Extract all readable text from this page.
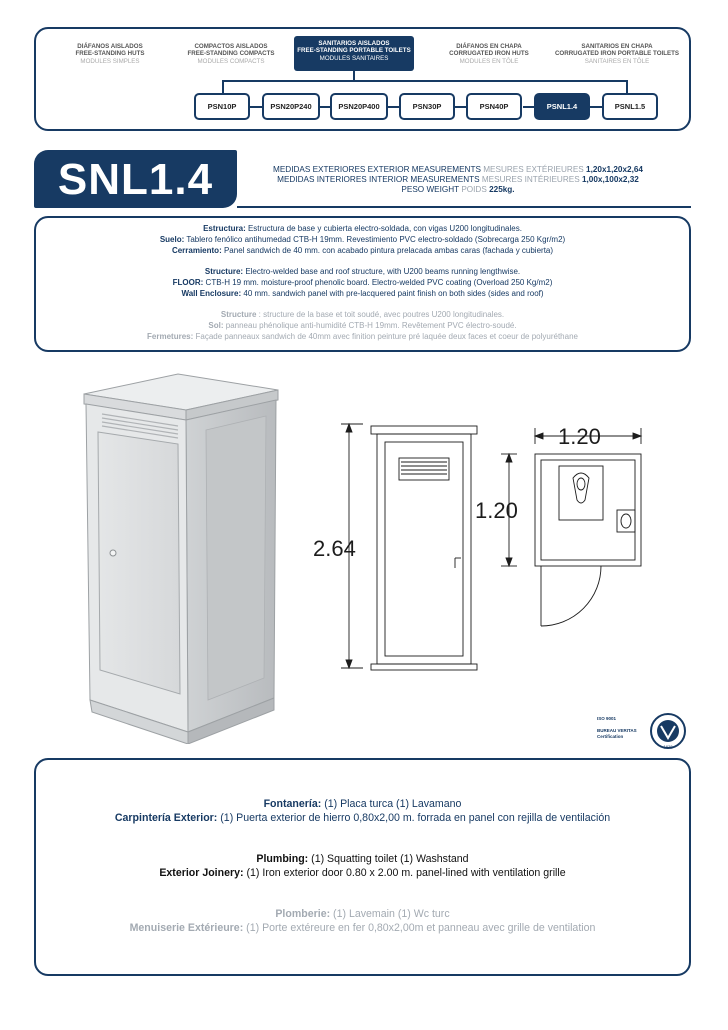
DIÁFANOS AISLADOS
FREE-STANDING HUTS
MODULES SIMPLES
COMPACTOS AISLADOS
FREE-STANDING COMPACTS
MODULES COMPACTS
SANITARIOS AISLADOS
FREE-STANDING PORTABLE TOILETS
MODULES SANITAIRES
DIÁFANOS EN CHAPA
CORRUGATED IRON HUTS
MODULES EN TÔLE
SANITARIOS EN CHAPA
CORRUGATED IRON PORTABLE TOILETS
SANITAIRES EN TÔLE
PSN10P	PSN20P240	PSN20P400	PSN30P	PSN40P	PSNL1.4	PSNL1.5
SNL1.4	MEDIDAS EXTERIORES EXTERIOR MEASUREMENTS MESURES EXTÉRIEURES 1,20x1,20x2,64
MEDIDAS INTERIORES INTERIOR MEASUREMENTS MESURES INTÉRIEURES 1,00x,100x2,32
PESO WEIGHT POIDS 225kg.
Estructura: Estructura de base y cubierta electro-soldada, con vigas U200 longitudinales.
Suelo: Tablero fenólico antihumedad CTB-H 19mm. Revestimiento PVC electro-soldado (Sobrecarga 250 Kgr/m2)
Cerramiento: Panel sandwich de 40 mm. con acabado pintura prelacada ambas caras (fachada y cubierta)
Structure: Electro-welded base and roof structure, with U200 beams running lengthwise.
FLOOR: CTB-H 19 mm. moisture-proof phenolic board. Electro-welded PVC coating (Overload 250 Kg/m2)
Wall Enclosure: 40 mm. sandwich panel with pre-lacquered paint finish on both sides (sides and roof)
Structure : structure de la base et toit soudé, avec poutres U200 longitudinales.
Sol: panneau phénolique anti-humidité CTB-H 19mm. Revêtement PVC électro-soudé.
Fermetures: Façade panneaux sandwich de 40mm avec finition peinture pré laquée deux faces et coeur de polyuréthane
2.64
1.20
1.20
ISO 9001
BUREAU VERITAS
Certification
1828
Fontanería: (1) Placa turca (1) Lavamano
Carpintería Exterior: (1) Puerta exterior de hierro 0,80x2,00 m. forrada en panel con rejilla de ventilación
Plumbing: (1) Squatting toilet (1) Washstand
Exterior Joinery: (1) Iron exterior door 0.80 x 2.00 m. panel-lined with ventilation grille
Plomberie: (1) Lavemain (1) Wc turc
Menuiserie Extérieure: (1) Porte extéreure en fer 0,80x2,00m et panneau avec grille de ventilation
